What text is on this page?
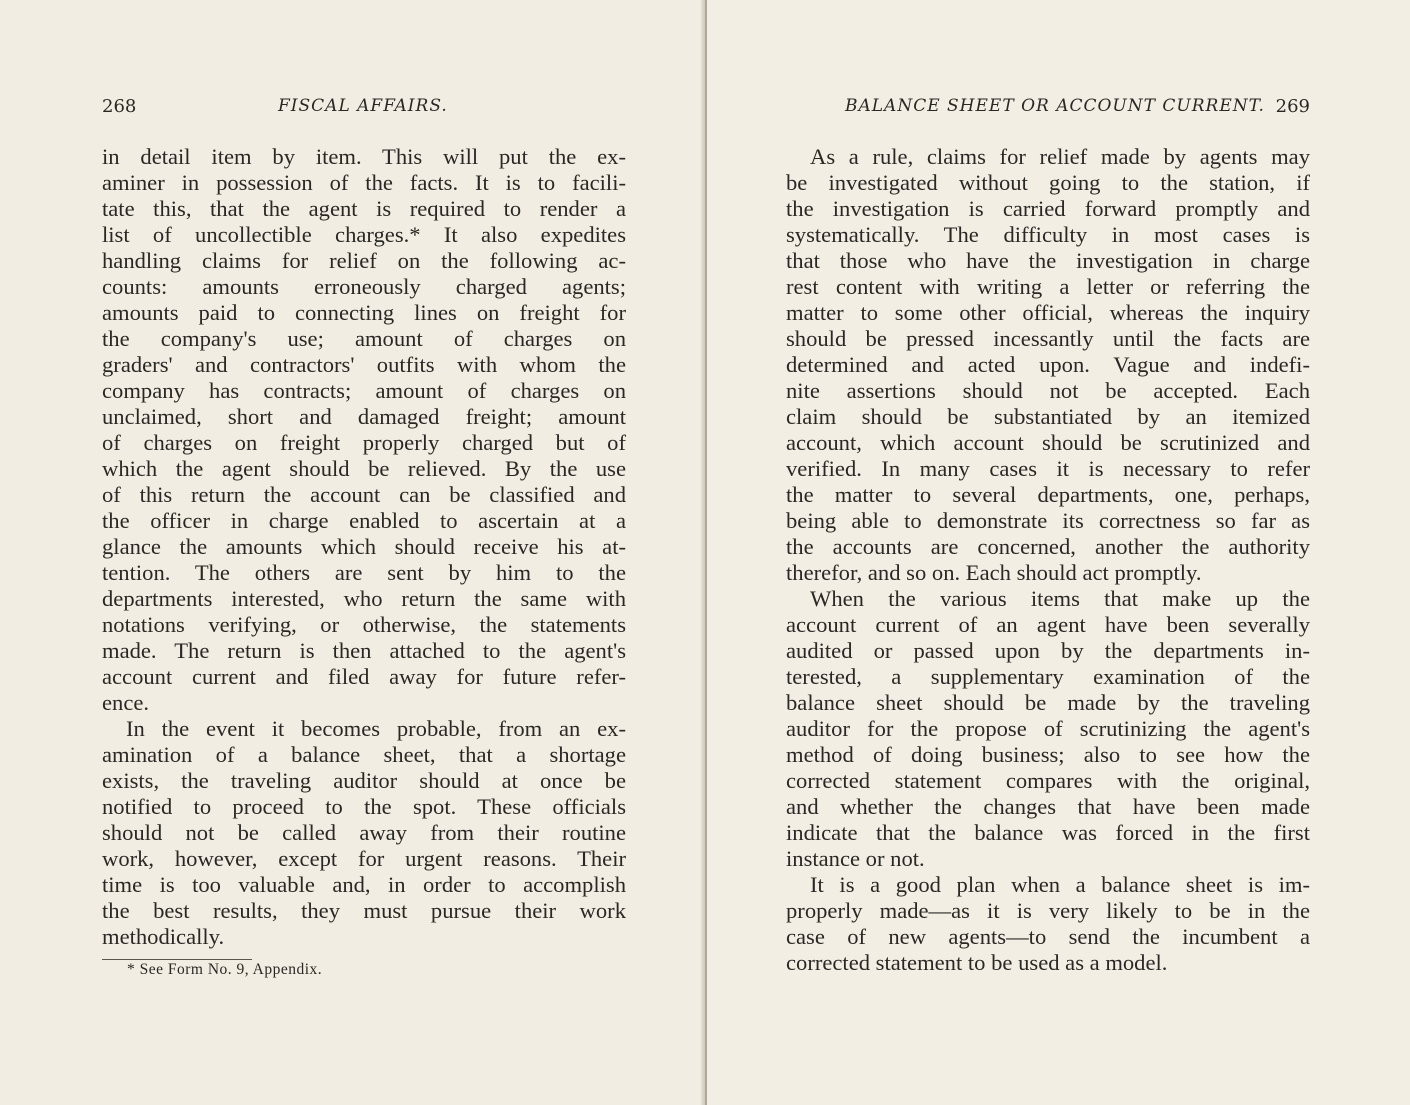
268	FISCAL AFFAIRS.
in detail item by item. This will put the ex-
aminer in possession of the facts. It is to facili-
tate this, that the agent is required to render a
list of uncollectible charges.* It also expedites
handling claims for relief on the following ac-
counts: amounts erroneously charged agents;
amounts paid to connecting lines on freight for
the company's use; amount of charges on
graders' and contractors' outfits with whom the
company has contracts; amount of charges on
unclaimed, short and damaged freight; amount
of charges on freight properly charged but of
which the agent should be relieved. By the use
of this return the account can be classified and
the officer in charge enabled to ascertain at a
glance the amounts which should receive his at-
tention. The others are sent by him to the
departments interested, who return the same with
notations verifying, or otherwise, the statements
made. The return is then attached to the agent's
account current and filed away for future refer-
ence.
In the event it becomes probable, from an ex-
amination of a balance sheet, that a shortage
exists, the traveling auditor should at once be
notified to proceed to the spot. These officials
should not be called away from their routine
work, however, except for urgent reasons. Their
time is too valuable and, in order to accomplish
the best results, they must pursue their work
methodically.
* See Form No. 9, Appendix.
BALANCE SHEET OR ACCOUNT CURRENT. 269
As a rule, claims for relief made by agents may
be investigated without going to the station, if
the investigation is carried forward promptly and
systematically. The difficulty in most cases is
that those who have the investigation in charge
rest content with writing a letter or referring the
matter to some other official, whereas the inquiry
should be pressed incessantly until the facts are
determined and acted upon. Vague and indefi-
nite assertions should not be accepted. Each
claim should be substantiated by an itemized
account, which account should be scrutinized and
verified. In many cases it is necessary to refer
the matter to several departments, one, perhaps,
being able to demonstrate its correctness so far as
the accounts are concerned, another the authority
therefor, and so on. Each should act promptly.
When the various items that make up the
account current of an agent have been severally
audited or passed upon by the departments in-
terested, a supplementary examination of the
balance sheet should be made by the traveling
auditor for the propose of scrutinizing the agent's
method of doing business; also to see how the
corrected statement compares with the original,
and whether the changes that have been made
indicate that the balance was forced in the first
instance or not.
It is a good plan when a balance sheet is im-
properly made—as it is very likely to be in the
case of new agents—to send the incumbent a
corrected statement to be used as a model.
